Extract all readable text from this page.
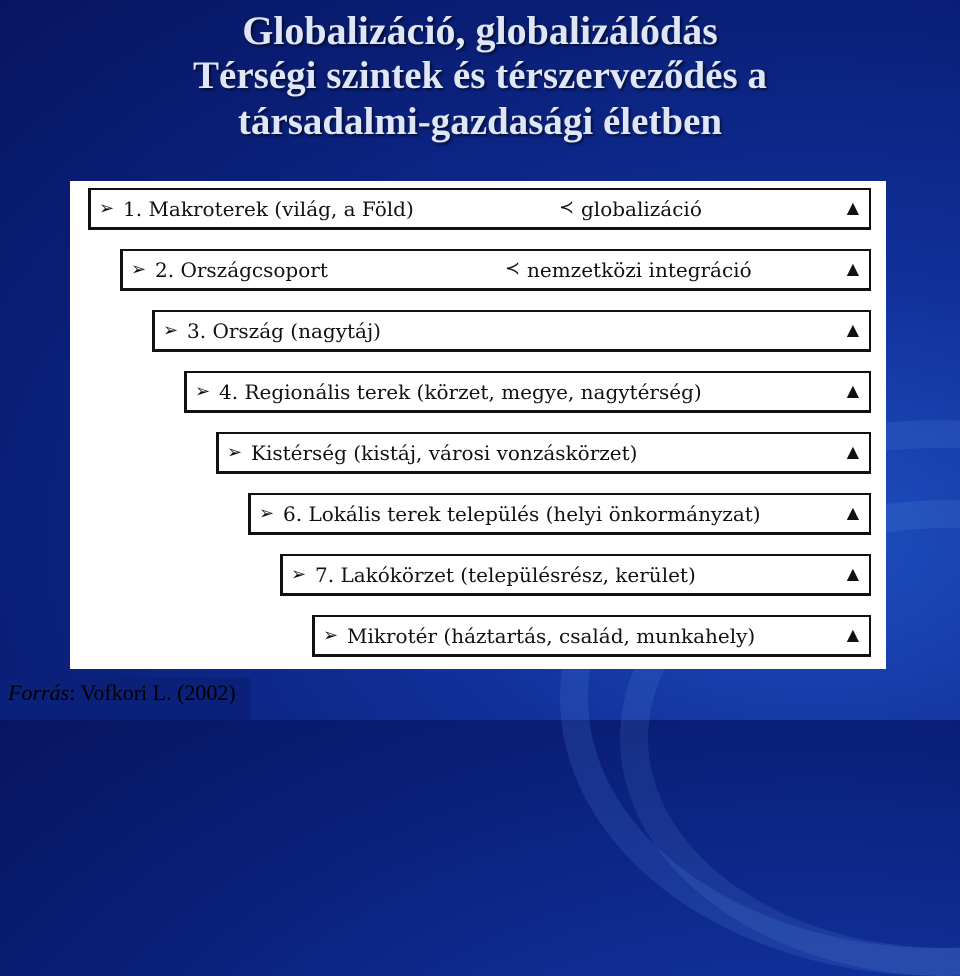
Globalizáció, globalizálódás
Térségi szintek és térszerveződés a
társadalmi-gazdasági életben
➢ 1. Makroterek (világ, a Föld)	≺ globalizáció	▲
➢ 2. Országcsoport	≺ nemzetközi integráció	▲
➢ 3. Ország (nagytáj)	▲
➢ 4. Regionális terek (körzet, megye, nagytérség)	▲
➢ Kistérség (kistáj, városi vonzáskörzet)	▲
➢ 6. Lokális terek település (helyi önkormányzat)	▲
➢ 7. Lakókörzet (településrész, kerület)	▲
➢ Mikrotér (háztartás, család, munkahely)	▲
Forrás: Vofkori L. (2002)
